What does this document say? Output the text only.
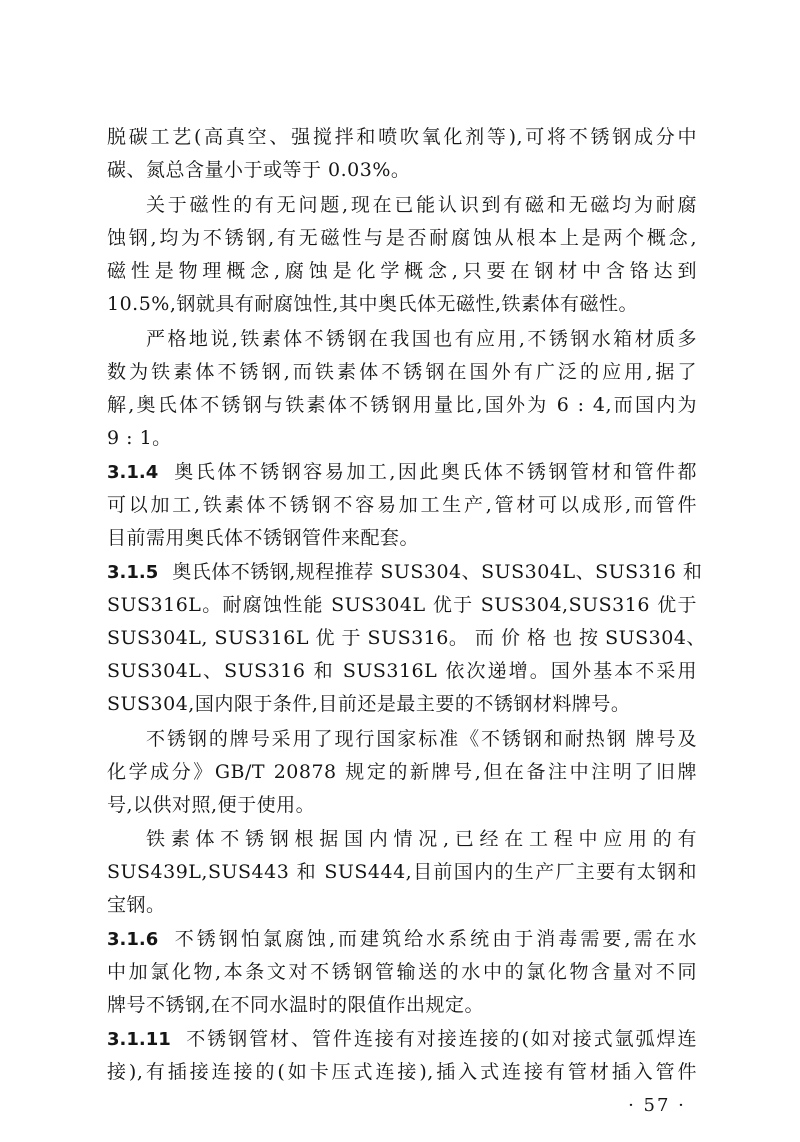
脱碳工艺(高真空、强搅拌和喷吹氧化剂等),可将不锈钢成分中
碳、氮总含量小于或等于 0.03%。
关于磁性的有无问题,现在已能认识到有磁和无磁均为耐腐
蚀钢,均为不锈钢,有无磁性与是否耐腐蚀从根本上是两个概念,
磁性是物理概念,腐蚀是化学概念,只要在钢材中含铬达到
10.5%,钢就具有耐腐蚀性,其中奥氏体无磁性,铁素体有磁性。
严格地说,铁素体不锈钢在我国也有应用,不锈钢水箱材质多
数为铁素体不锈钢,而铁素体不锈钢在国外有广泛的应用,据了
解,奥氏体不锈钢与铁素体不锈钢用量比,国外为 6 : 4,而国内为
9 : 1。
3.1.4 奥氏体不锈钢容易加工,因此奥氏体不锈钢管材和管件都
可以加工,铁素体不锈钢不容易加工生产,管材可以成形,而管件
目前需用奥氏体不锈钢管件来配套。
3.1.5 奥氏体不锈钢,规程推荐 SUS304、SUS304L、SUS316 和
SUS316L。耐腐蚀性能 SUS304L 优于 SUS304,SUS316 优于
SUS304L, SUS316L 优 于 SUS316。 而 价 格 也 按 SUS304、
SUS304L、SUS316 和 SUS316L 依次递增。国外基本不采用
SUS304,国内限于条件,目前还是最主要的不锈钢材料牌号。
不锈钢的牌号采用了现行国家标准《不锈钢和耐热钢 牌号及
化学成分》GB/T 20878 规定的新牌号,但在备注中注明了旧牌
号,以供对照,便于使用。
铁素体不锈钢根据国内情况,已经在工程中应用的有
SUS439L,SUS443 和 SUS444,目前国内的生产厂主要有太钢和
宝钢。
3.1.6 不锈钢怕氯腐蚀,而建筑给水系统由于消毒需要,需在水
中加氯化物,本条文对不锈钢管输送的水中的氯化物含量对不同
牌号不锈钢,在不同水温时的限值作出规定。
3.1.11 不锈钢管材、管件连接有对接连接的(如对接式氩弧焊连
接),有插接连接的(如卡压式连接),插入式连接有管材插入管件
· 57 ·
